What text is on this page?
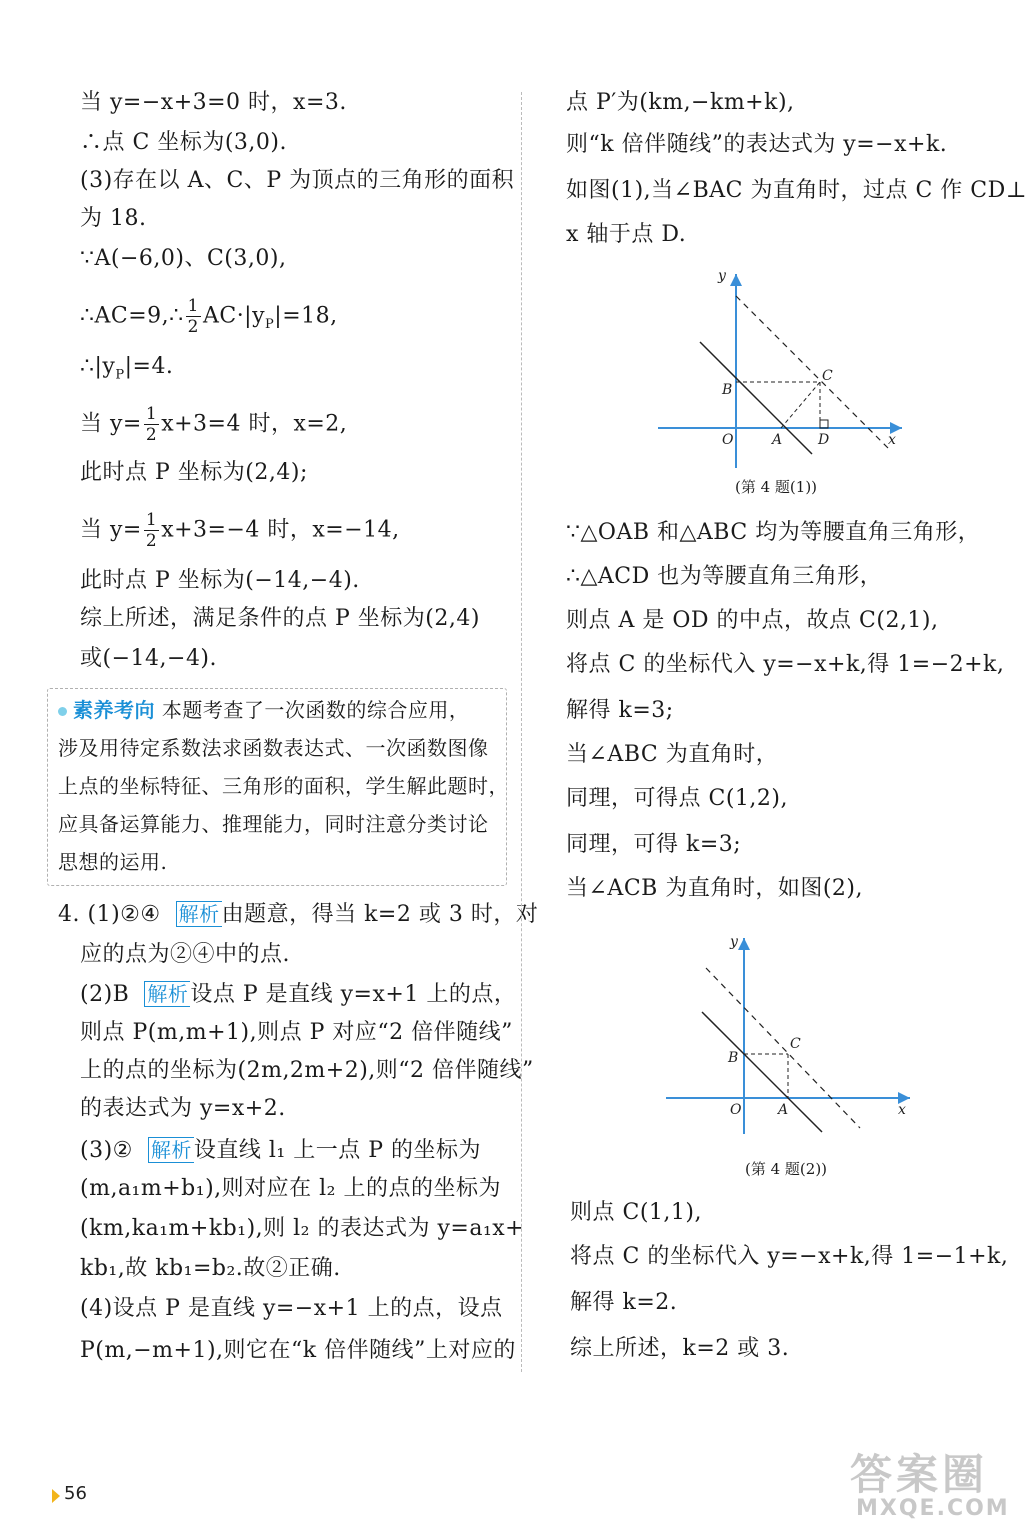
当 y=−x+3=0 时，x=3.
∴点 C 坐标为(3,0).
(3)存在以 A、C、P 为顶点的三角形的面积
为 18.
∵A(−6,0)、C(3,0),
∴AC=9,∴ $\frac{1}{2} AC\cdot|y_P|=18$,
$\therefore|y_P|=4$.
当 $y= \frac{1}{2} x+3=4$ 时，x=2,
此时点 P 坐标为(2,4);
当 $y= \frac{1}{2} x+3=-4$ 时，x=−14,
此时点 P 坐标为(−14,−4).
综上所述，满足条件的点 P 坐标为(2,4)
或(−14,−4).
素养考向 本题考查了一次函数的综合应用，
涉及用待定系数法求函数表达式、一次函数图像
上点的坐标特征、三角形的面积，学生解此题时，
应具备运算能力、推理能力，同时注意分类讨论
思想的运用.
4. (1)②④ 解析由题意，得当 k=2 或 3 时，对
应的点为②④中的点.
(2)B 解析设点 P 是直线 y=x+1 上的点，
则点 P(m,m+1),则点 P 对应“2 倍伴随线”
上的点的坐标为(2m,2m+2),则“2 倍伴随线”
的表达式为 y=x+2.
(3)② 解析设直线 l₁ 上一点 P 的坐标为
(m,a₁m+b₁),则对应在 l₂ 上的点的坐标为
(km,ka₁m+kb₁),则 l₂ 的表达式为 y=a₁x+
kb₁,故 kb₁=b₂.故②正确.
(4)设点 P 是直线 y=−x+1 上的点，设点
P(m,−m+1),则它在“k 倍伴随线”上对应的
点 P′为(km,−km+k),
则“k 倍伴随线”的表达式为 y=−x+k.
如图(1),当∠BAC 为直角时，过点 C 作 CD⊥
x 轴于点 D.
y
x
O	A
B
C
D
(第 4 题(1))
∵△OAB 和△ABC 均为等腰直角三角形，
∴△ACD 也为等腰直角三角形，
则点 A 是 OD 的中点，故点 C(2,1),
将点 C 的坐标代入 y=−x+k,得 1=−2+k,
解得 k=3;
当∠ABC 为直角时，
同理，可得点 C(1,2),
同理，可得 k=3;
当∠ACB 为直角时，如图(2),
y
x
O	A
B
C
(第 4 题(2))
则点 C(1,1),
将点 C 的坐标代入 y=−x+k,得 1=−1+k,
解得 k=2.
综上所述，k=2 或 3.
56	答案圈
MXQE.COM
